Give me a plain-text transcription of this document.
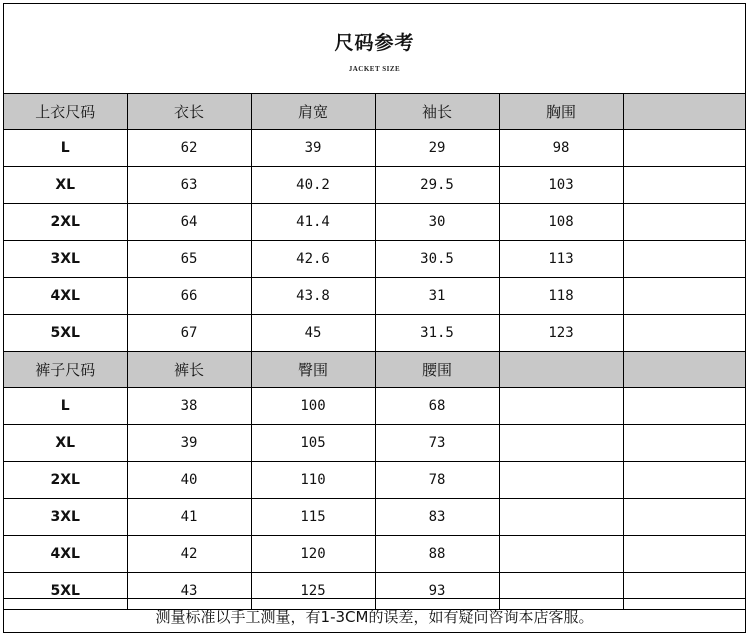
尺码参考
JACKET SIZE
上衣尺码	衣长	肩宽	袖长	胸围	
L	62	39	29	98	
XL	63	40.2	29.5	103	
2XL	64	41.4	30	108	
3XL	65	42.6	30.5	113	
4XL	66	43.8	31	118	
5XL	67	45	31.5	123	
裤子尺码	裤长	臀围	腰围		
L	38	100	68		
XL	39	105	73		
2XL	40	110	78		
3XL	41	115	83		
4XL	42	120	88		
5XL	43	125	93		
测量标准以手工测量，有1-3CM的误差，如有疑问咨询本店客服。
